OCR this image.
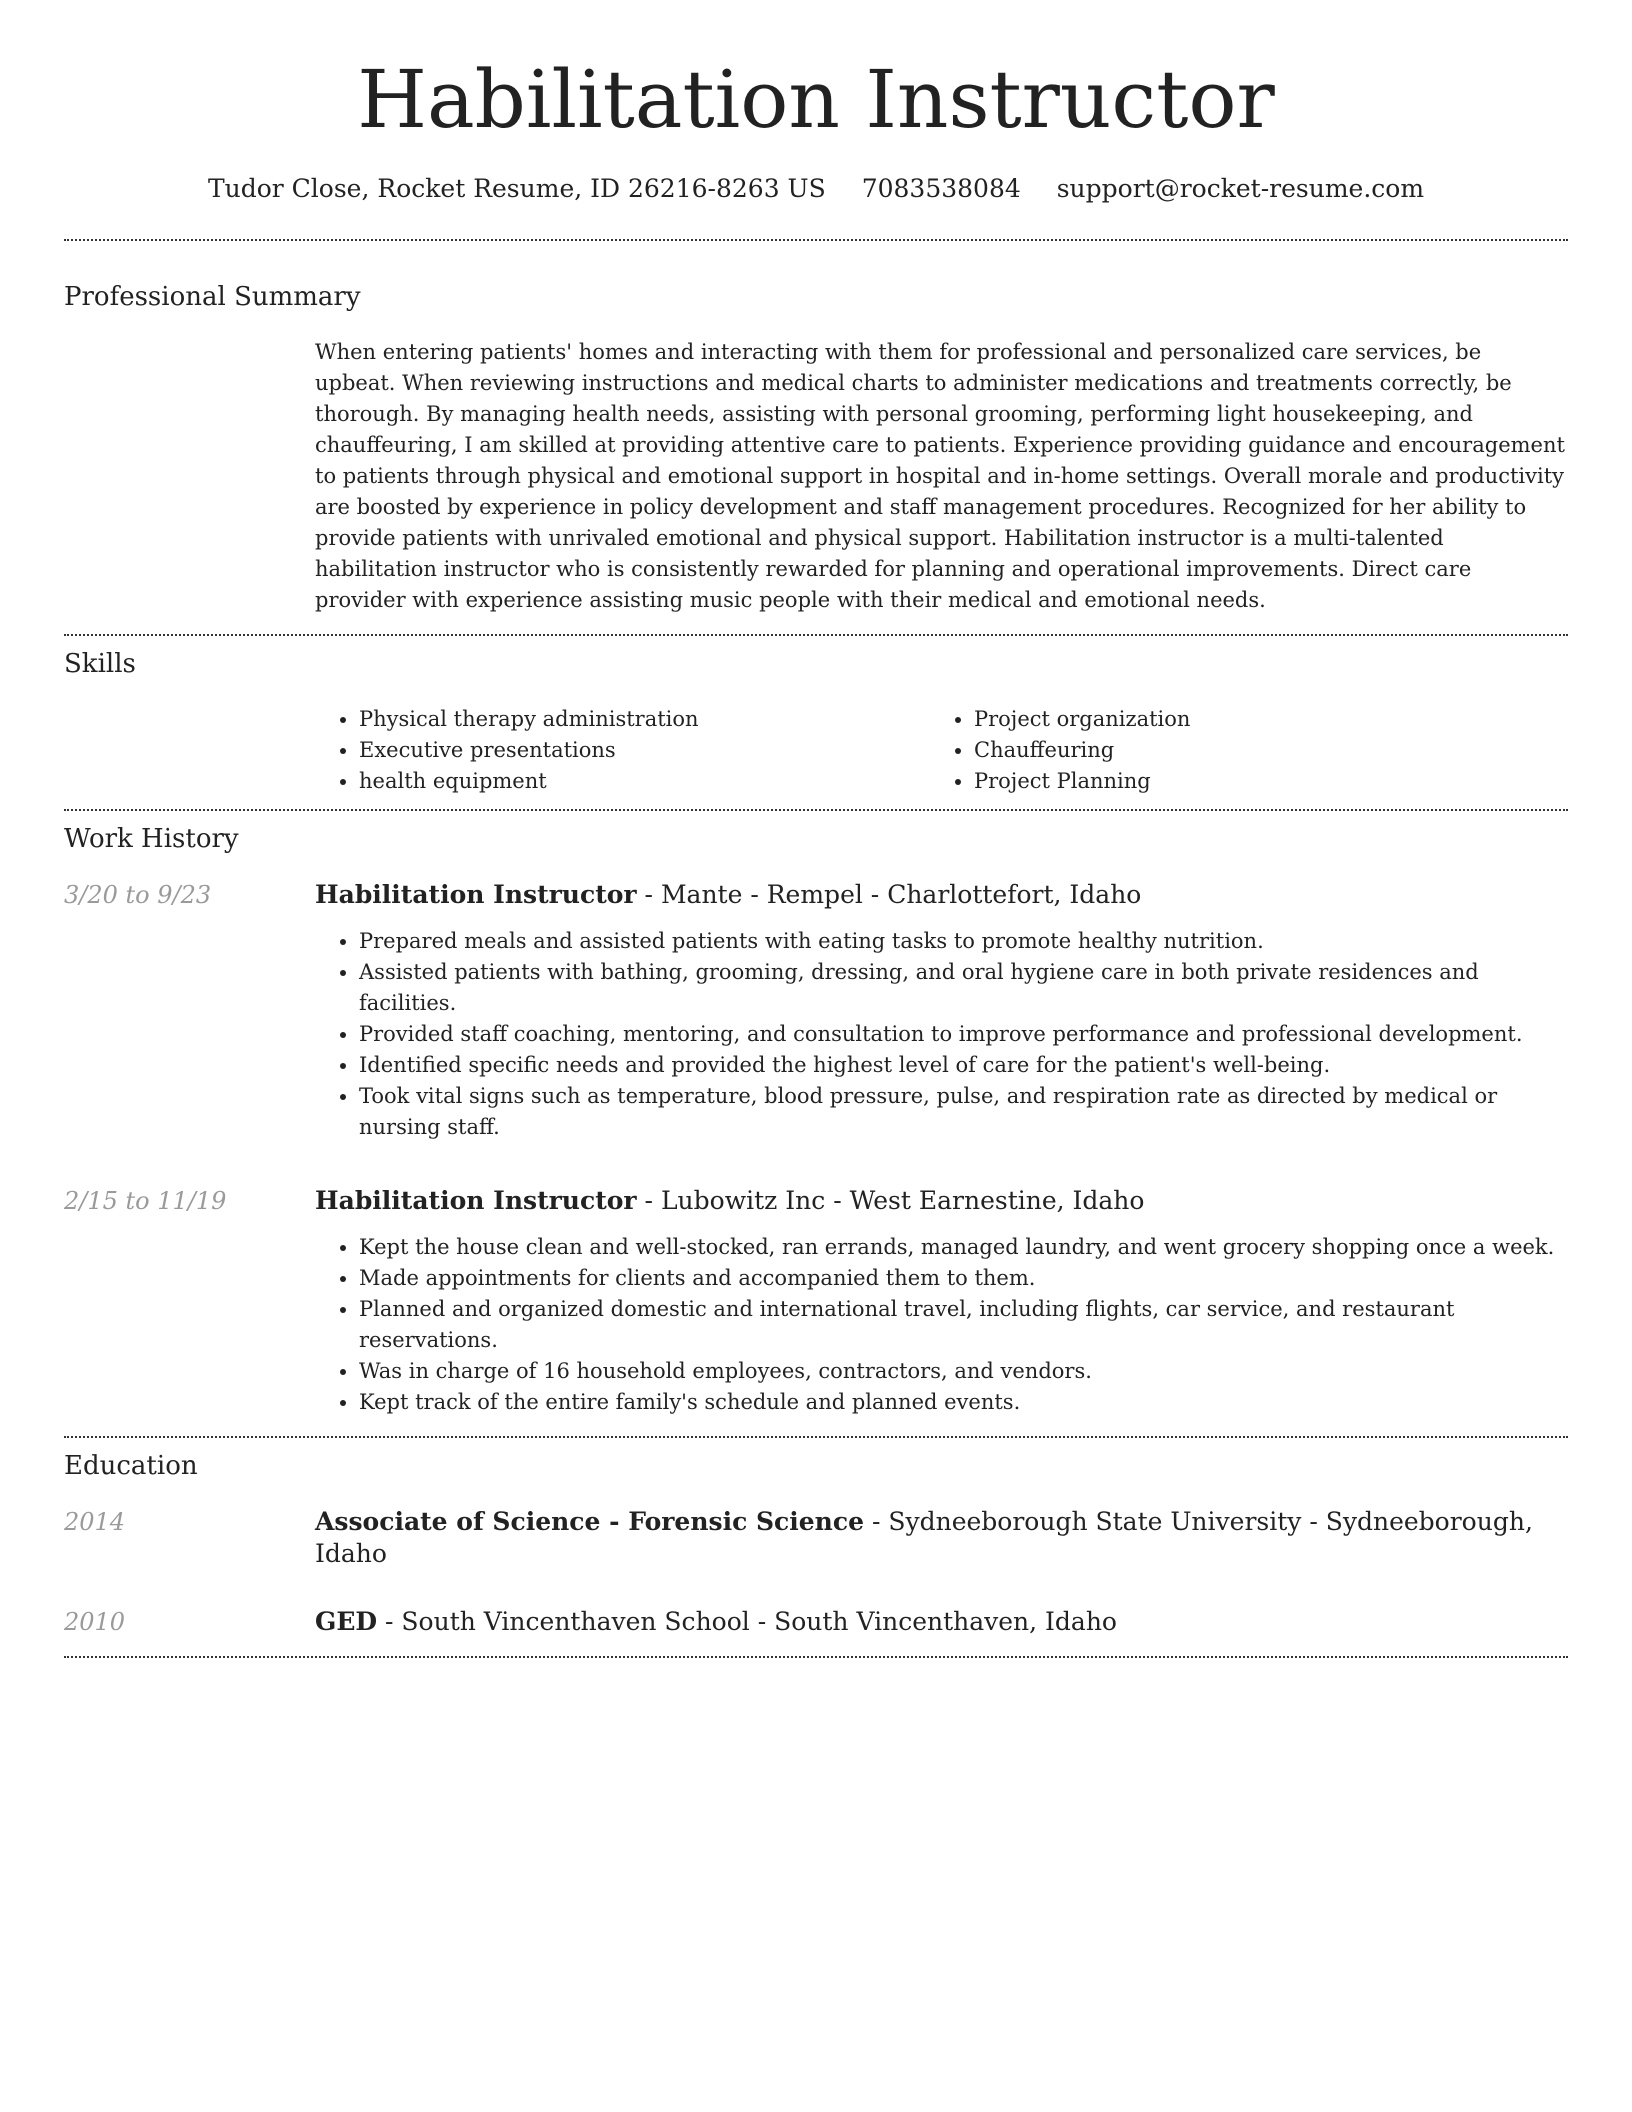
Habilitation Instructor
Tudor Close, Rocket Resume, ID 26216-8263 US 7083538084 support@rocket-resume.com
Professional Summary
When entering patients' homes and interacting with them for professional and personalized care services, be upbeat. When reviewing instructions and medical charts to administer medications and treatments correctly, be thorough. By managing health needs, assisting with personal grooming, performing light housekeeping, and chauffeuring, I am skilled at providing attentive care to patients. Experience providing guidance and encouragement to patients through physical and emotional support in hospital and in-home settings. Overall morale and productivity are boosted by experience in policy development and staff management procedures. Recognized for her ability to provide patients with unrivaled emotional and physical support. Habilitation instructor is a multi-talented habilitation instructor who is consistently rewarded for planning and operational improvements. Direct care provider with experience assisting music people with their medical and emotional needs.
Skills
• Physical therapy administration
• Executive presentations
• health equipment
• Project organization
• Chauffeuring
• Project Planning
Work History
3/20 to 9/23	Habilitation Instructor - Mante - Rempel - Charlottefort, Idaho
• Prepared meals and assisted patients with eating tasks to promote healthy nutrition.
• Assisted patients with bathing, grooming, dressing, and oral hygiene care in both private residences and facilities.
• Provided staff coaching, mentoring, and consultation to improve performance and professional development.
• Identified specific needs and provided the highest level of care for the patient's well-being.
• Took vital signs such as temperature, blood pressure, pulse, and respiration rate as directed by medical or nursing staff.
2/15 to 11/19	Habilitation Instructor - Lubowitz Inc - West Earnestine, Idaho
• Kept the house clean and well-stocked, ran errands, managed laundry, and went grocery shopping once a week.
• Made appointments for clients and accompanied them to them.
• Planned and organized domestic and international travel, including flights, car service, and restaurant reservations.
• Was in charge of 16 household employees, contractors, and vendors.
• Kept track of the entire family's schedule and planned events.
Education
2014	Associate of Science - Forensic Science - Sydneeborough State University - Sydneeborough, Idaho
2010	GED - South Vincenthaven School - South Vincenthaven, Idaho
